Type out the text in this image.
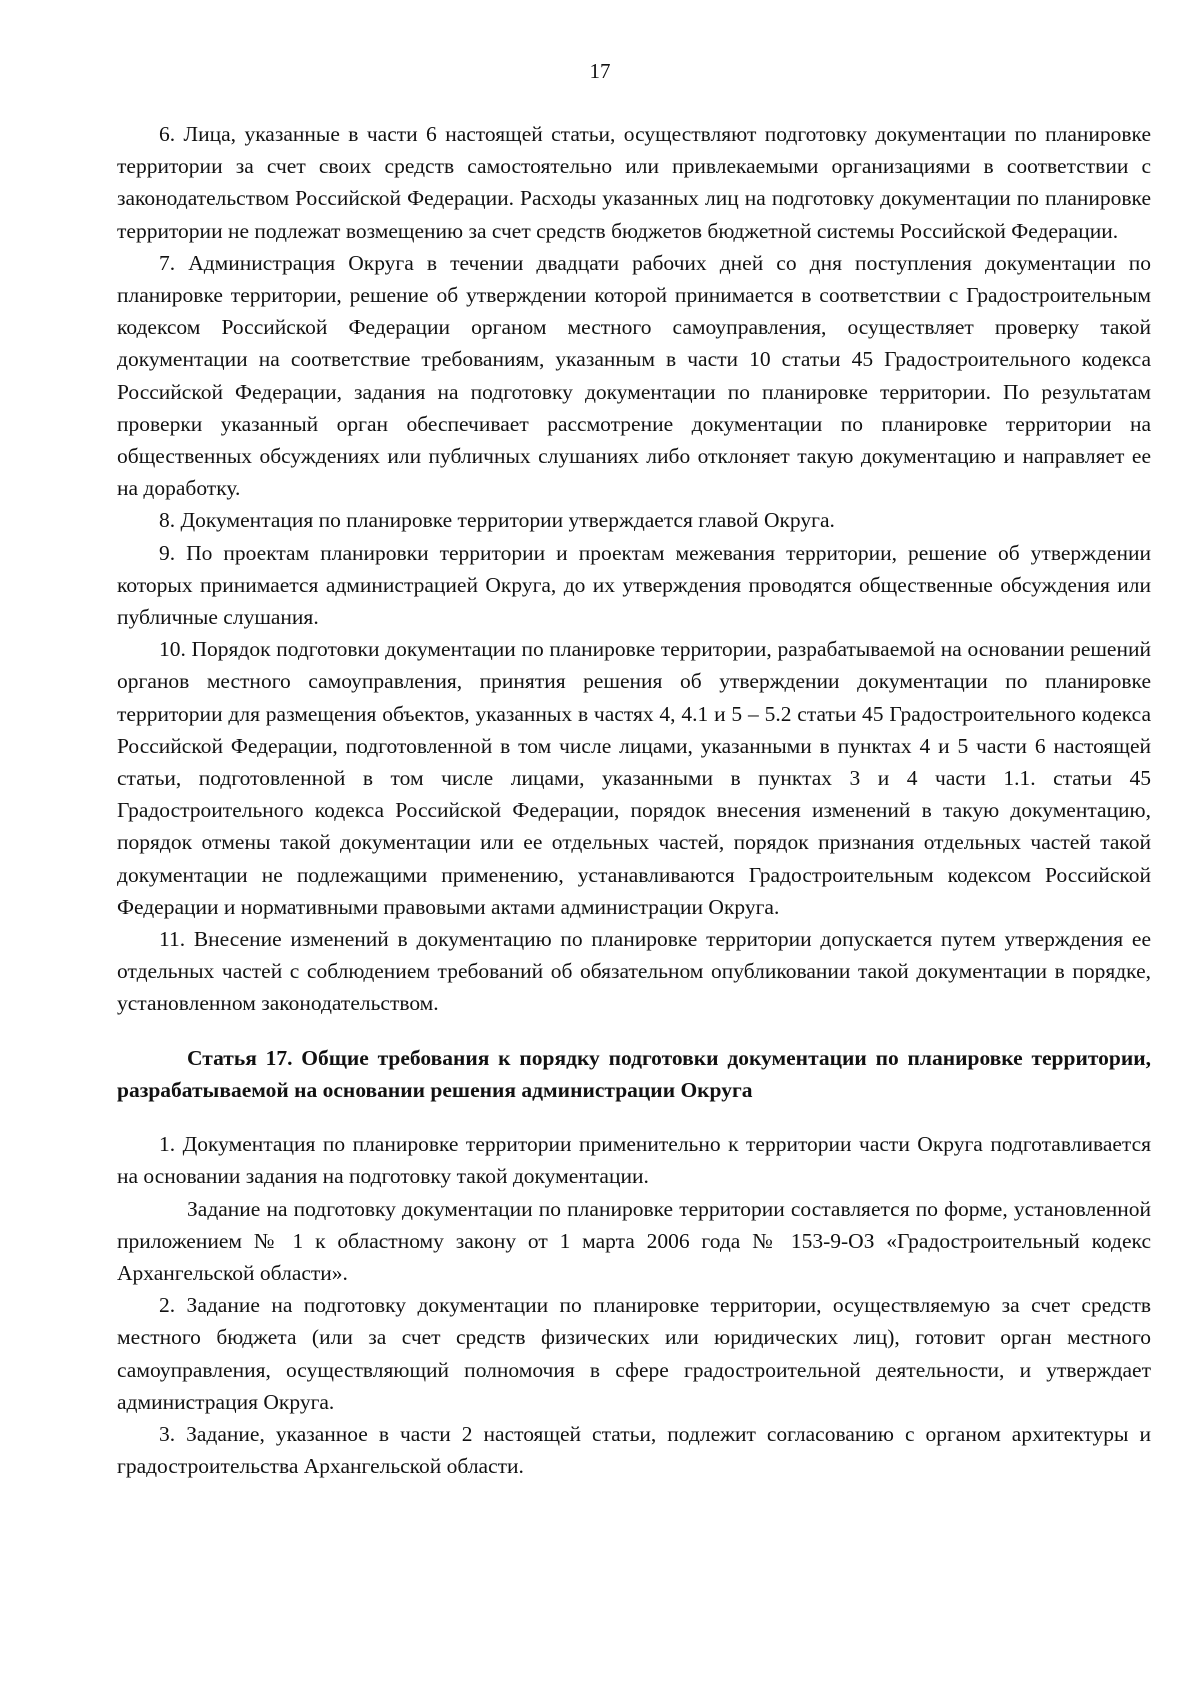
17

6. Лица, указанные в части 6 настоящей статьи, осуществляют подготовку документации по планировке территории за счет своих средств самостоятельно или привлекаемыми организациями в соответствии с законодательством Российской Федерации. Расходы указанных лиц на подготовку документации по планировке территории не подлежат возмещению за счет средств бюджетов бюджетной системы Российской Федерации.

7. Администрация Округа в течении двадцати рабочих дней со дня поступления документации по планировке территории, решение об утверждении которой принимается в соответствии с Градостроительным кодексом Российской Федерации органом местного самоуправления, осуществляет проверку такой документации на соответствие требованиям, указанным в части 10 статьи 45 Градостроительного кодекса Российской Федерации, задания на подготовку документации по планировке территории. По результатам проверки указанный орган обеспечивает рассмотрение документации по планировке территории на общественных обсуждениях или публичных слушаниях либо отклоняет такую документацию и направляет ее на доработку.

8. Документация по планировке территории утверждается главой Округа.

9. По проектам планировки территории и проектам межевания территории, решение об утверждении которых принимается администрацией Округа, до их утверждения проводятся общественные обсуждения или публичные слушания.

10. Порядок подготовки документации по планировке территории, разрабатываемой на основании решений органов местного самоуправления, принятия решения об утверждении документации по планировке территории для размещения объектов, указанных в частях 4, 4.1 и 5 – 5.2 статьи 45 Градостроительного кодекса Российской Федерации, подготовленной в том числе лицами, указанными в пунктах 4 и 5 части 6 настоящей статьи, подготовленной в том числе лицами, указанными в пунктах 3 и 4 части 1.1. статьи 45 Градостроительного кодекса Российской Федерации, порядок внесения изменений в такую документацию, порядок отмены такой документации или ее отдельных частей, порядок признания отдельных частей такой документации не подлежащими применению, устанавливаются Градостроительным кодексом Российской Федерации и нормативными правовыми актами администрации Округа.

11. Внесение изменений в документацию по планировке территории допускается путем утверждения ее отдельных частей с соблюдением требований об обязательном опубликовании такой документации в порядке, установленном законодательством.

Статья 17. Общие требования к порядку подготовки документации по планировке территории, разрабатываемой на основании решения администрации Округа

1. Документация по планировке территории применительно к территории части Округа подготавливается на основании задания на подготовку такой документации.

Задание на подготовку документации по планировке территории составляется по форме, установленной приложением № 1 к областному закону от 1 марта 2006 года № 153-9-ОЗ «Градостроительный кодекс Архангельской области».

2. Задание на подготовку документации по планировке территории, осуществляемую за счет средств местного бюджета (или за счет средств физических или юридических лиц), готовит орган местного самоуправления, осуществляющий полномочия в сфере градостроительной деятельности, и утверждает администрация Округа.

3. Задание, указанное в части 2 настоящей статьи, подлежит согласованию с органом архитектуры и градостроительства Архангельской области.
